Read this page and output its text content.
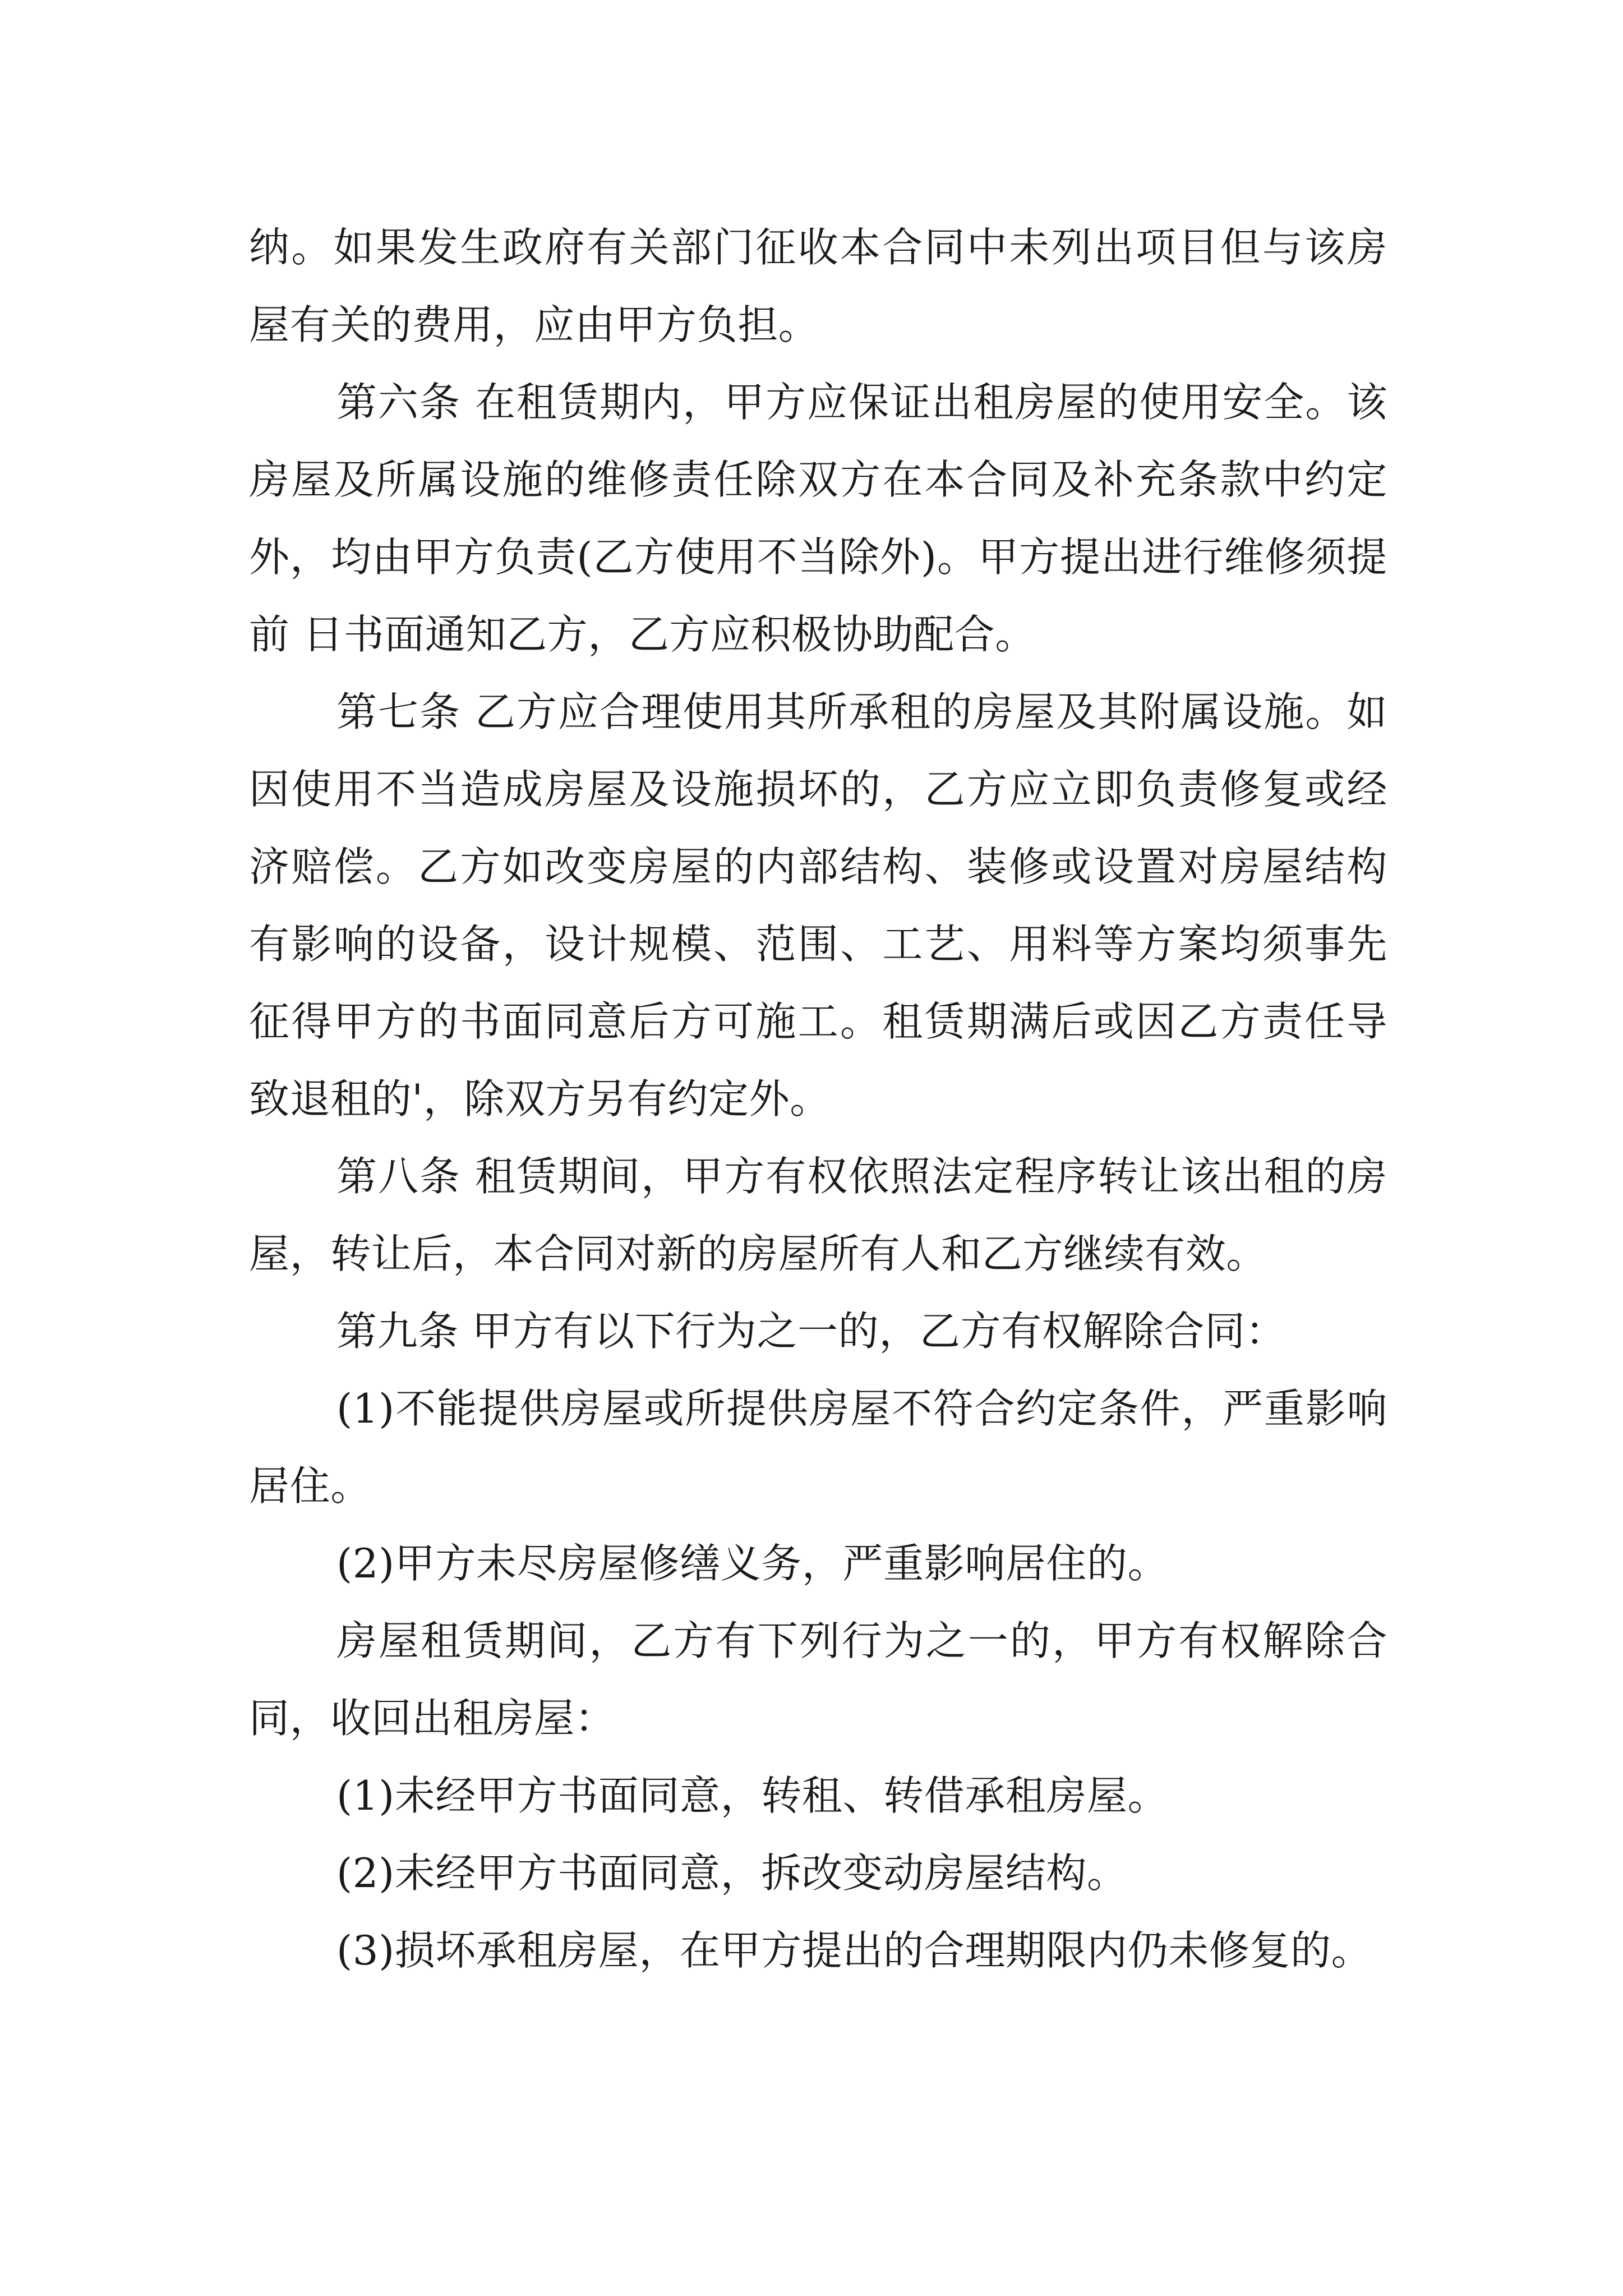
纳。如果发生政府有关部门征收本合同中未列出项目但与该房屋有关的费用，应由甲方负担。

第六条 在租赁期内，甲方应保证出租房屋的使用安全。该房屋及所属设施的维修责任除双方在本合同及补充条款中约定外，均由甲方负责(乙方使用不当除外)。甲方提出进行维修须提前 日书面通知乙方，乙方应积极协助配合。

第七条 乙方应合理使用其所承租的房屋及其附属设施。如因使用不当造成房屋及设施损坏的，乙方应立即负责修复或经济赔偿。乙方如改变房屋的内部结构、装修或设置对房屋结构有影响的设备，设计规模、范围、工艺、用料等方案均须事先征得甲方的书面同意后方可施工。租赁期满后或因乙方责任导致退租的'，除双方另有约定外。

第八条 租赁期间，甲方有权依照法定程序转让该出租的房屋，转让后，本合同对新的房屋所有人和乙方继续有效。

第九条 甲方有以下行为之一的，乙方有权解除合同：

(1)不能提供房屋或所提供房屋不符合约定条件，严重影响居住。

(2)甲方未尽房屋修缮义务，严重影响居住的。

房屋租赁期间，乙方有下列行为之一的，甲方有权解除合同，收回出租房屋：

(1)未经甲方书面同意，转租、转借承租房屋。

(2)未经甲方书面同意，拆改变动房屋结构。

(3)损坏承租房屋，在甲方提出的合理期限内仍未修复的。
